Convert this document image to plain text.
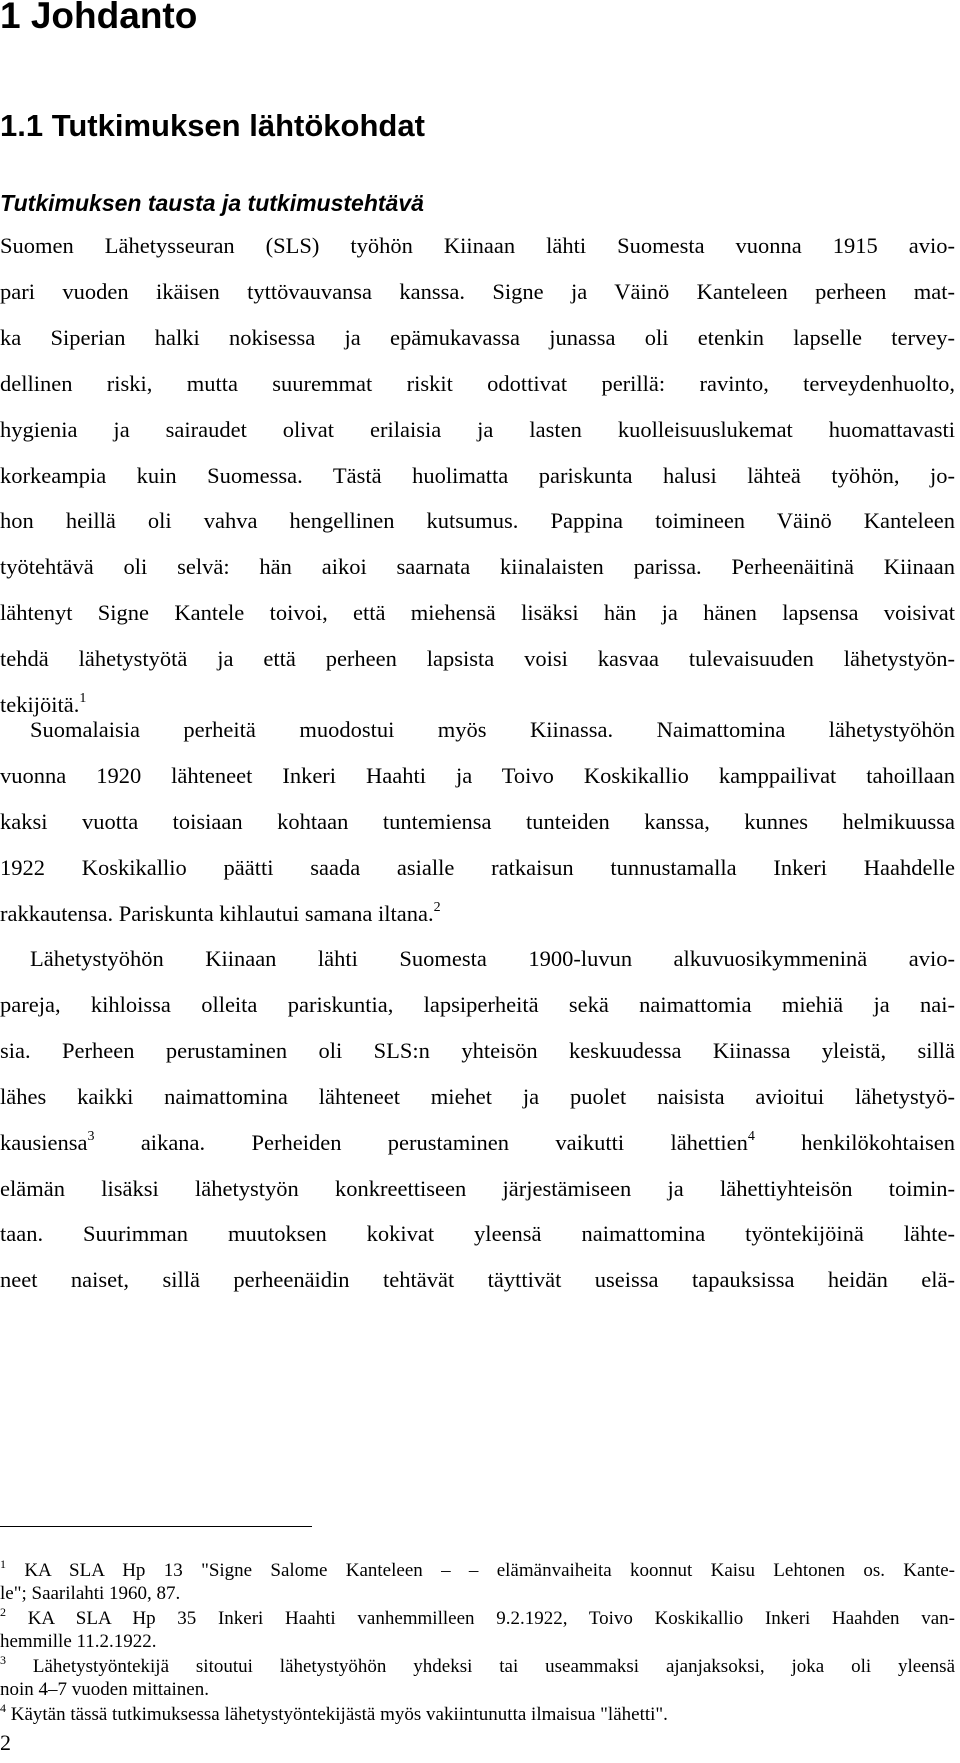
1 Johdanto
1.1 Tutkimuksen lähtökohdat
Tutkimuksen tausta ja tutkimustehtävä

Suomen Lähetysseuran (SLS) työhön Kiinaan lähti Suomesta vuonna 1915 avio-
pari vuoden ikäisen tyttövauvansa kanssa. Signe ja Väinö Kanteleen perheen mat-
ka Siperian halki nokisessa ja epämukavassa junassa oli etenkin lapselle tervey-
dellinen riski, mutta suuremmat riskit odottivat perillä: ravinto, terveydenhuolto,
hygienia ja sairaudet olivat erilaisia ja lasten kuolleisuuslukemat huomattavasti
korkeampia kuin Suomessa. Tästä huolimatta pariskunta halusi lähteä työhön, jo-
hon heillä oli vahva hengellinen kutsumus. Pappina toimineen Väinö Kanteleen
työtehtävä oli selvä: hän aikoi saarnata kiinalaisten parissa. Perheenäitinä Kiinaan
lähtenyt Signe Kantele toivoi, että miehensä lisäksi hän ja hänen lapsensa voisivat
tehdä lähetystyötä ja että perheen lapsista voisi kasvaa tulevaisuuden lähetystyön-
tekijöitä.$^1$

Suomalaisia perheitä muodostui myös Kiinassa. Naimattomina lähetystyöhön
vuonna 1920 lähteneet Inkeri Haahti ja Toivo Koskikallio kamppailivat tahoillaan
kaksi vuotta toisiaan kohtaan tuntemiensa tunteiden kanssa, kunnes helmikuussa
1922 Koskikallio päätti saada asialle ratkaisun tunnustamalla Inkeri Haahdelle
rakkautensa. Pariskunta kihlautui samana iltana.$^2$

Lähetystyöhön Kiinaan lähti Suomesta 1900-luvun alkuvuosikymmeninä avio-
pareja, kihloissa olleita pariskuntia, lapsiperheitä sekä naimattomia miehiä ja nai-
sia. Perheen perustaminen oli SLS:n yhteisön keskuudessa Kiinassa yleistä, sillä
lähes kaikki naimattomina lähteneet miehet ja puolet naisista avioitui lähetystyö-
kausiensa$^3$ aikana. Perheiden perustaminen vaikutti lähettien$^4$ henkilökohtaisen
elämän lisäksi lähetystyön konkreettiseen järjestämiseen ja lähettiyhteisön toimin-
taan. Suurimman muutoksen kokivat yleensä naimattomina työntekijöinä lähte-
neet naiset, sillä perheenäidin tehtävät täyttivät useissa tapauksissa heidän elä-

$^1$ KA SLA Hp 13 "Signe Salome Kanteleen – – elämänvaiheita koonnut Kaisu Lehtonen os. Kante-
le"; Saarilahti 1960, 87.
$^2$ KA SLA Hp 35 Inkeri Haahti vanhemmilleen 9.2.1922, Toivo Koskikallio Inkeri Haahden van-
hemmille 11.2.1922.
$^3$ Lähetystyöntekijä sitoutui lähetystyöhön yhdeksi tai useammaksi ajanjaksoksi, joka oli yleensä
noin 4–7 vuoden mittainen.
$^4$ Käytän tässä tutkimuksessa lähetystyöntekijästä myös vakiintunutta ilmaisua "lähetti".
2
